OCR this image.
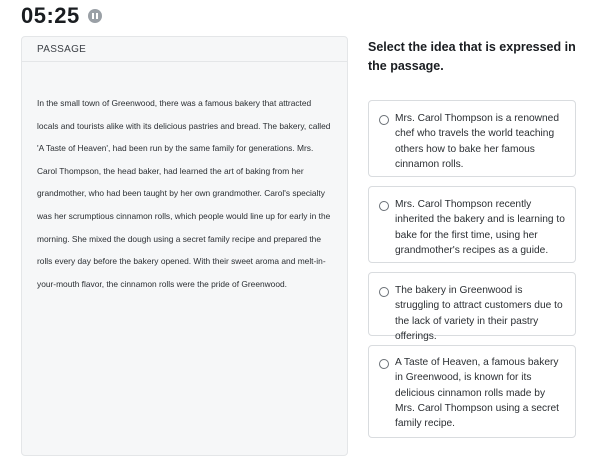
05:25
PASSAGE
In the small town of Greenwood, there was a famous bakery that attracted locals and tourists alike with its delicious pastries and bread. The bakery, called 'A Taste of Heaven', had been run by the same family for generations. Mrs. Carol Thompson, the head baker, had learned the art of baking from her grandmother, who had been taught by her own grandmother. Carol's specialty was her scrumptious cinnamon rolls, which people would line up for early in the morning. She mixed the dough using a secret family recipe and prepared the rolls every day before the bakery opened. With their sweet aroma and melt-in-your-mouth flavor, the cinnamon rolls were the pride of Greenwood.
Select the idea that is expressed in the passage.
Mrs. Carol Thompson is a renowned chef who travels the world teaching others how to bake her famous cinnamon rolls.
Mrs. Carol Thompson recently inherited the bakery and is learning to bake for the first time, using her grandmother's recipes as a guide.
The bakery in Greenwood is struggling to attract customers due to the lack of variety in their pastry offerings.
A Taste of Heaven, a famous bakery in Greenwood, is known for its delicious cinnamon rolls made by Mrs. Carol Thompson using a secret family recipe.
